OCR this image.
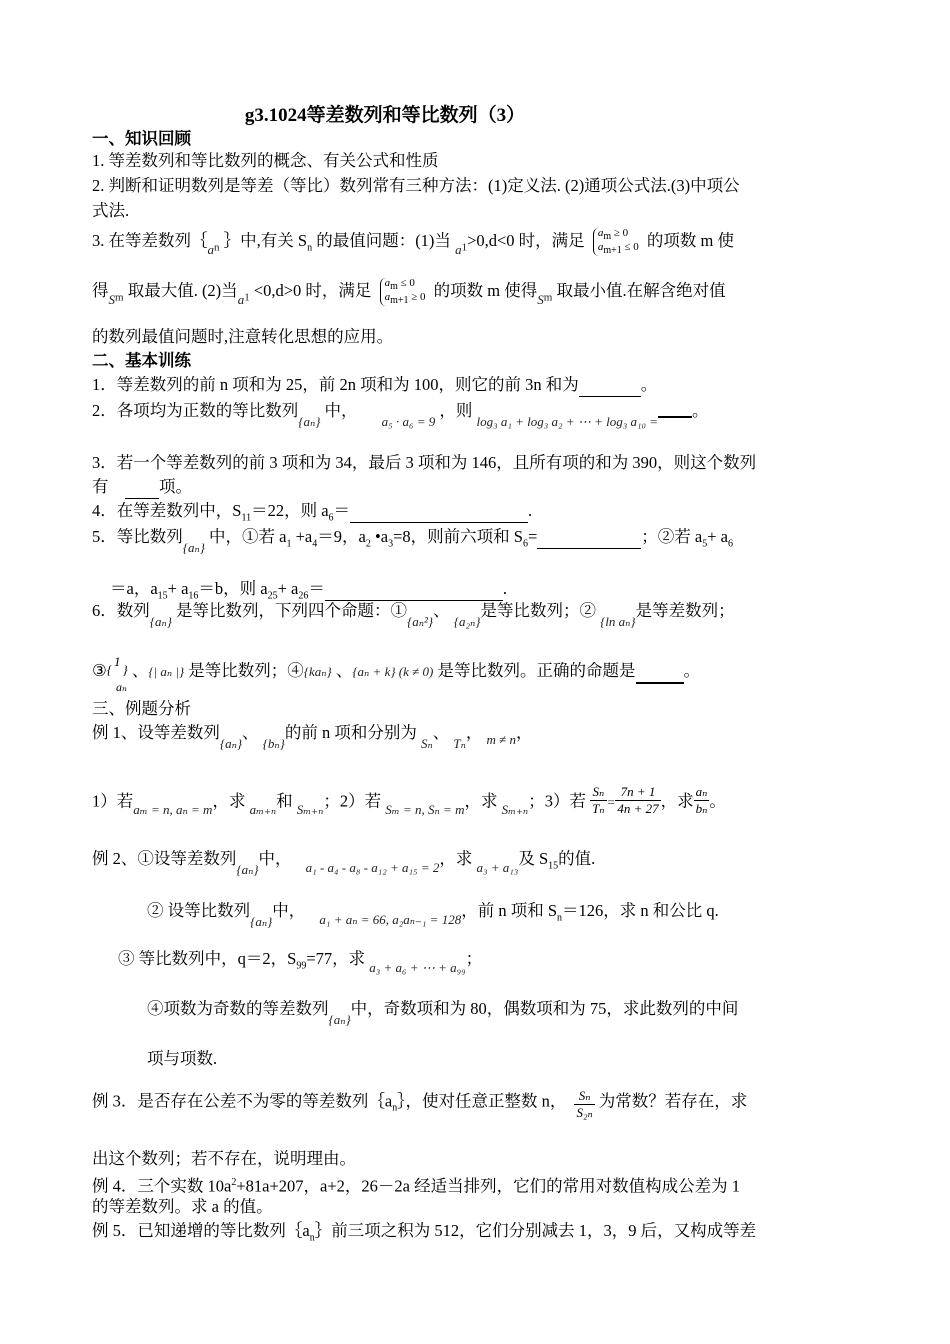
g3.1024等差数列和等比数列（3）
一、知识回顾
1. 等差数列和等比数列的概念、有关公式和性质
2. 判断和证明数列是等差（等比）数列常有三种方法：(1)定义法. (2)通项公式法.(3)中项公
式法.
3. 在等差数列$\{_{an}$ ｝中,有关 $S_n$ 的最值问题：(1)当 $_{a1}$>0,d<0 时，满足 $a_m \ge 0$
$a_{m+1} \le 0$ 的项数 m 使
得$_{Sm}$ 取最大值. (2)当$_{a1}$ <0,d>0 时，满足 $a_m \le 0$
$a_{m+1} \ge 0$ 的项数 m 使得$_{Sm}$ 取最小值.在解含绝对值
的数列最值问题时,注意转化思想的应用。
二、基本训练
1．等差数列的前 n 项和为 25，前 2n 项和为 100，则它的前 3n 和为	。
2．各项均为正数的等比数列$_{\{a_n\}}$ 中， $_{a_5 \cdot a_6 = 9}$ ，则 $_{log_3 a_1 + log_3 a_2 + \cdots + log_3 a_{10} =}$ 。
3．若一个等差数列的前 3 项和为 34，最后 3 项和为 146，且所有项的和为 390，则这个数列
有	项。
4．在等差数列中，$S_{11}=22$，则 $a_6=$	.
5．等比数列$_{\{a_n\}}$ 中，①若 $a_1 +a_4=9$，$a_2$ $•a_3=8$，则前六项和 $S_6=$	；②若 $a_5+ a_6$
＝a，$a_{15}+ a_{16}=b$，则 $a_{25}+ a_{26}=$	.
6．数列$_{\{a_n\}}$ 是等比数列，下列四个命题：$①_{\{a_n^2\}}$、 $_{\{a_{2n}\}}$是等比数列；② $_{\{ln a_n\}}$是等差数列；
③{1} 、{| aₙ |} 是等比数列；④{kaₙ} 、{aₙ + k} (k ≠ 0) 是等比数列。正确的命题是	。
aₙ
三、例题分析
例 1、设等差数列$_{\{a_n\}}$、 $_{\{b_n\}}$的前 n 项和分别为 $_{S_n}$、 $_{T_n}$， $_{m \ne n}$，
1）若$_{a_m = n, a_n = m}$，求 $_{a_{m+n}}$和 $_{S_{m+n}}$；2）若 $_{S_m = n, S_n = m}$，求 $_{S_{m+n}}$；3）若 $\frac{\text{Sₙ}}{\text{Tₙ}} = \frac{7n + 1}{4n + 27}$ ，求 $\frac{\text{aₙ}}{\text{bₙ}}$ 。
例 2、①设等差数列$_{\{a_n\}}$中， $_{a_1 - a_4 - a_8 - a_{12} + a_{15} = 2}$，求 $_{a_3 + a_{13}}$及 $S_{15}$的值.
② 设等比数列$_{\{a_n\}}$中， $_{a_1 + a_n = 66, a_2a_{n-1} = 128}$，前 n 项和 $S_n=126$，求 n 和公比 q.
③ 等比数列中，q＝2，$S_{99}=77$，求 $_{a_3 + a_6 + \cdots + a_{99}}$；
④项数为奇数的等差数列$_{\{a_n\}}$中，奇数项和为 80，偶数项和为 75，求此数列的中间
项与项数.
例 3．是否存在公差不为零的等差数列$\{a_n\}$，使对任意正整数 n， $\frac{\text{Sₙ}}{\text{S₂ₙ}}$ 为常数？若存在，求
出这个数列；若不存在，说明理由。
例 4．三个实数 $10a^2+81a+207$，a+2，26－2a 经适当排列，它们的常用对数值构成公差为 1
的等差数列。求 a 的值。
例 5．已知递增的等比数列$\{a_n\}$前三项之积为 512，它们分别减去 1，3，9 后，又构成等差
